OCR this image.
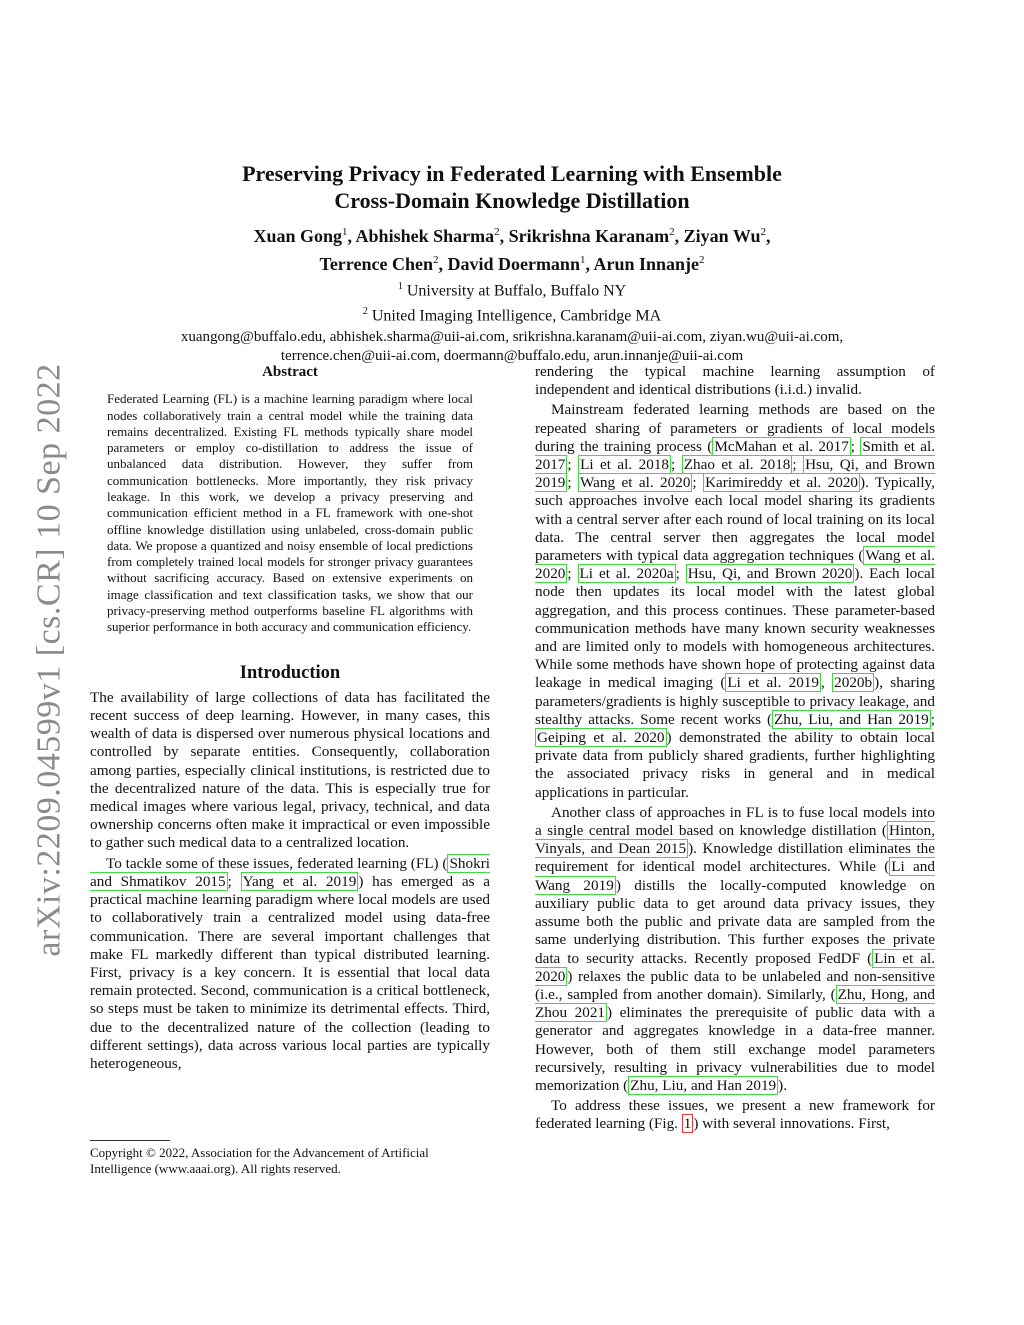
arXiv:2209.04599v1 [cs.CR] 10 Sep 2022
Preserving Privacy in Federated Learning with Ensemble
Cross-Domain Knowledge Distillation
Xuan Gong$^1$, Abhishek Sharma$^2$, Srikrishna Karanam$^2$, Ziyan Wu$^2$,
Terrence Chen$^2$, David Doermann$^1$, Arun Innanje$^2$
$^1$ University at Buffalo, Buffalo NY
$^2$ United Imaging Intelligence, Cambridge MA
xuangong@buffalo.edu, abhishek.sharma@uii-ai.com, srikrishna.karanam@uii-ai.com, ziyan.wu@uii-ai.com,
terrence.chen@uii-ai.com, doermann@buffalo.edu, arun.innanje@uii-ai.com
Abstract
Federated Learning (FL) is a machine learning paradigm where local nodes collaboratively train a central model while the training data remains decentralized. Existing FL methods typically share model parameters or employ co-distillation to address the issue of unbalanced data distribution. However, they suffer from communication bottlenecks. More importantly, they risk privacy leakage. In this work, we develop a privacy preserving and communication efficient method in a FL framework with one-shot offline knowledge distillation using unlabeled, cross-domain public data. We propose a quantized and noisy ensemble of local predictions from completely trained local models for stronger privacy guarantees without sacrificing accuracy. Based on extensive experiments on image classification and text classification tasks, we show that our privacy-preserving method outperforms baseline FL algorithms with superior performance in both accuracy and communication efficiency.
Introduction

The availability of large collections of data has facilitated the recent success of deep learning. However, in many cases, this wealth of data is dispersed over numerous physical locations and controlled by separate entities. Consequently, collaboration among parties, especially clinical institutions, is restricted due to the decentralized nature of the data. This is especially true for medical images where various legal, privacy, technical, and data ownership concerns often make it impractical or even impossible to gather such medical data to a centralized location.

To tackle some of these issues, federated learning (FL) ( Shokri and Shmatikov 2015 ; Yang et al. 2019 ) has emerged as a practical machine learning paradigm where local models are used to collaboratively train a centralized model using data-free communication. There are several important challenges that make FL markedly different than typical distributed learning. First, privacy is a key concern. It is essential that local data remain protected. Second, communication is a critical bottleneck, so steps must be taken to minimize its detrimental effects. Third, due to the decentralized nature of the collection (leading to different settings), data across various local parties are typically heterogeneous,

rendering the typical machine learning assumption of independent and identical distributions (i.i.d.) invalid.

Mainstream federated learning methods are based on the repeated sharing of parameters or gradients of local models during the training process ( McMahan et al. 2017 ; Smith et al. 2017 ; Li et al. 2018 ; Zhao et al. 2018 ; Hsu, Qi, and Brown 2019 ; Wang et al. 2020 ; Karimireddy et al. 2020 ). Typically, such approaches involve each local model sharing its gradients with a central server after each round of local training on its local data. The central server then aggregates the local model parameters with typical data aggregation techniques ( Wang et al. 2020 ; Li et al. 2020a ; Hsu, Qi, and Brown 2020 ). Each local node then updates its local model with the latest global aggregation, and this process continues. These parameter-based communication methods have many known security weaknesses and are limited only to models with homogeneous architectures. While some methods have shown hope of protecting against data leakage in medical imaging ( Li et al. 2019 , 2020b ), sharing parameters/gradients is highly susceptible to privacy leakage, and stealthy attacks. Some recent works ( Zhu, Liu, and Han 2019 ; Geiping et al. 2020 ) demonstrated the ability to obtain local private data from publicly shared gradients, further highlighting the associated privacy risks in general and in medical applications in particular.

Another class of approaches in FL is to fuse local models into a single central model based on knowledge distillation ( Hinton, Vinyals, and Dean 2015 ). Knowledge distillation eliminates the requirement for identical model architectures. While ( Li and Wang 2019 ) distills the locally-computed knowledge on auxiliary public data to get around data privacy issues, they assume both the public and private data are sampled from the same underlying distribution. This further exposes the private data to security attacks. Recently proposed FedDF ( Lin et al. 2020 ) relaxes the public data to be unlabeled and non-sensitive (i.e., sampled from another domain). Similarly, ( Zhu, Hong, and Zhou 2021 ) eliminates the prerequisite of public data with a generator and aggregates knowledge in a data-free manner. However, both of them still exchange model parameters recursively, resulting in privacy vulnerabilities due to model memorization ( Zhu, Liu, and Han 2019 ).

To address these issues, we present a new framework for federated learning (Fig. 1 ) with several innovations. First,

Copyright © 2022, Association for the Advancement of Artificial Intelligence (www.aaai.org). All rights reserved.
